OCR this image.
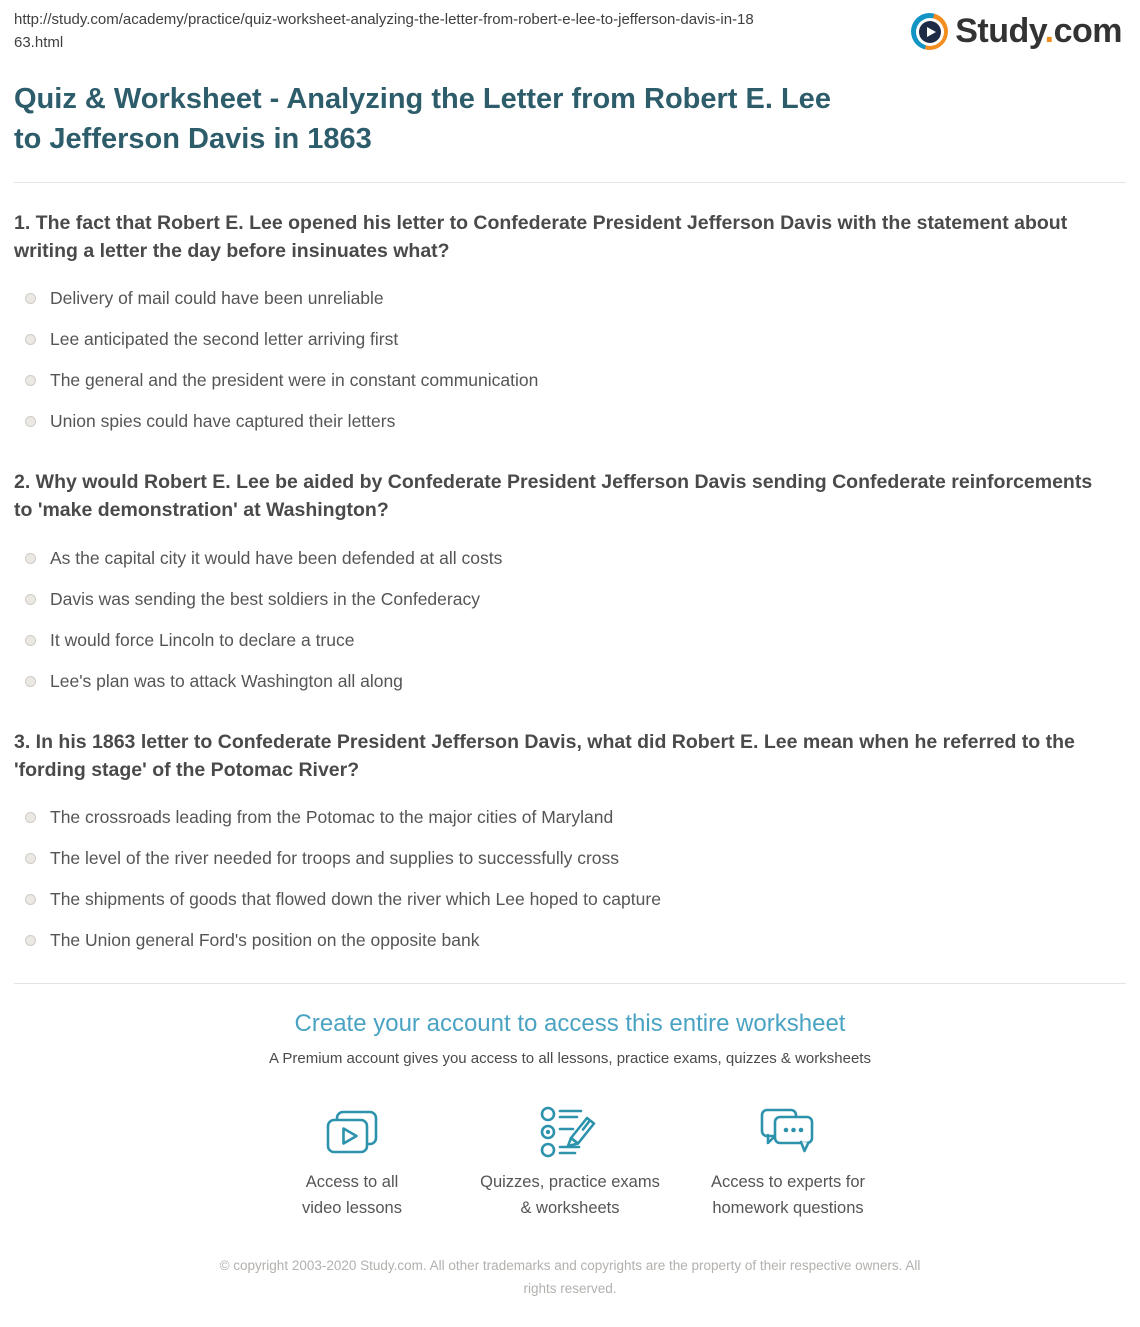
http://study.com/academy/practice/quiz-worksheet-analyzing-the-letter-from-robert-e-lee-to-jefferson-davis-in-1863.html	Study.com
Quiz & Worksheet - Analyzing the Letter from Robert E. Lee to Jefferson Davis in 1863

1. The fact that Robert E. Lee opened his letter to Confederate President Jefferson Davis with the statement about writing a letter the day before insinuates what?

Delivery of mail could have been unreliable
Lee anticipated the second letter arriving first
The general and the president were in constant communication
Union spies could have captured their letters

2. Why would Robert E. Lee be aided by Confederate President Jefferson Davis sending Confederate reinforcements to 'make demonstration' at Washington?

As the capital city it would have been defended at all costs
Davis was sending the best soldiers in the Confederacy
It would force Lincoln to declare a truce
Lee's plan was to attack Washington all along

3. In his 1863 letter to Confederate President Jefferson Davis, what did Robert E. Lee mean when he referred to the 'fording stage' of the Potomac River?

The crossroads leading from the Potomac to the major cities of Maryland
The level of the river needed for troops and supplies to successfully cross
The shipments of goods that flowed down the river which Lee hoped to capture
The Union general Ford's position on the opposite bank
Create your account to access this entire worksheet

A Premium account gives you access to all lessons, practice exams, quizzes & worksheets

Access to all
video lessons
Quizzes, practice exams
& worksheets
Access to experts for
homework questions
© copyright 2003-2020 Study.com. All other trademarks and copyrights are the property of their respective owners. All rights reserved.
